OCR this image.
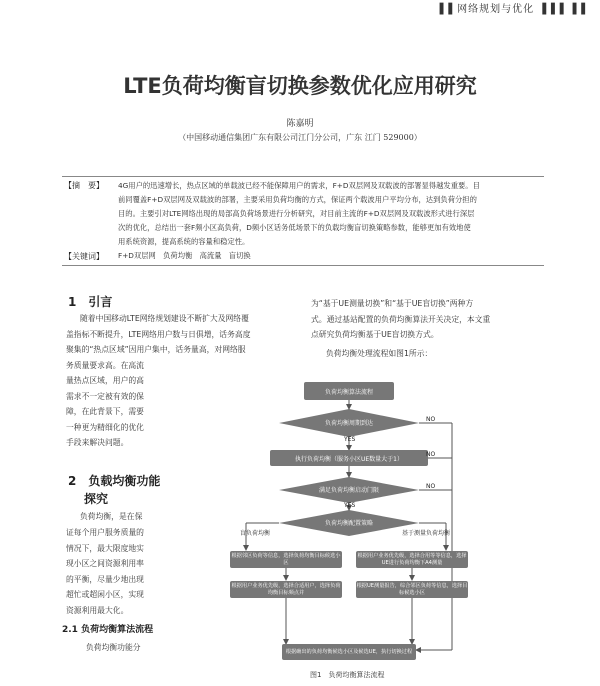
▐▐ 网络规划与优化 ▐▐▐ ▐▐
LTE负荷均衡盲切换参数优化应用研究
陈嘉明
（中国移动通信集团广东有限公司江门分公司，广东 江门 529000）
【摘　要】 4G用户的迅速增长，热点区域的单载波已经不能保障用户的需求，F+D双层网及双载波的部署显得越发重要。目
前同覆盖F+D双层网及双载波的部署，主要采用负荷均衡的方式，保证两个载波用户平均分布，达到负荷分担的
目的。主要引对LTE网络出现的局部高负荷场景进行分析研究，对目前主流的F+D双层网及双载波形式进行深层
次的优化，总结出一套F频小区高负荷，D频小区话务低场景下的负载均衡盲切换策略参数，能够更加有效地使
用系统资源，提高系统的容量和稳定性。
【关键词】 F+D双层网　负荷均衡　高流量　盲切换
1　引言
随着中国移动LTE网络规划建设不断扩大及网络覆
盖指标不断提升，LTE网络用户数与日俱增，话务高度
聚集的“热点区域”因用户集中，话务量高，对网络服
务质量要求高。在高流
量热点区域，用户的高
需求不一定被有效的保
障，在此背景下，需要
一种更为精细化的优化
手段来解决问题。
2　负载均衡功能
探究
负荷均衡，是在保
证每个用户服务质量的
情况下，最大限度地实
现小区之间资源利用率
的平衡，尽量少地出现
超忙或超闲小区，实现
资源利用最大化。
2.1 负荷均衡算法流程
负荷均衡功能分
为“基于UE测量切换”和“基于UE盲切换”两种方
式。通过基站配置的负荷均衡算法开关决定，本文重
点研究负荷均衡基于UE盲切换方式。
负荷均衡处理流程如图1所示：
负荷均衡算法流程
负荷均衡周期到达
YES
NO
执行负荷均衡（服务小区UE数量大于1）
NO
满足负荷均衡启动门限
NO
YES
负荷均衡配置策略
盲负荷均衡	基于测量负荷均衡
根据邻区负荷等信息，选择负荷均衡目标候选小区
根据用户业务优先级，选择合适用户，选择负荷均衡目标频点并
根据用户业务优先级，选择合用等等信息，选择UE进行负荷均衡下A4测量
根据UE测量报告，综合邻区负荷等信息，选择目标候选小区
根据确出的负荷均衡候选小区及候选UE，执行切换过程
图1　负荷均衡算法流程
